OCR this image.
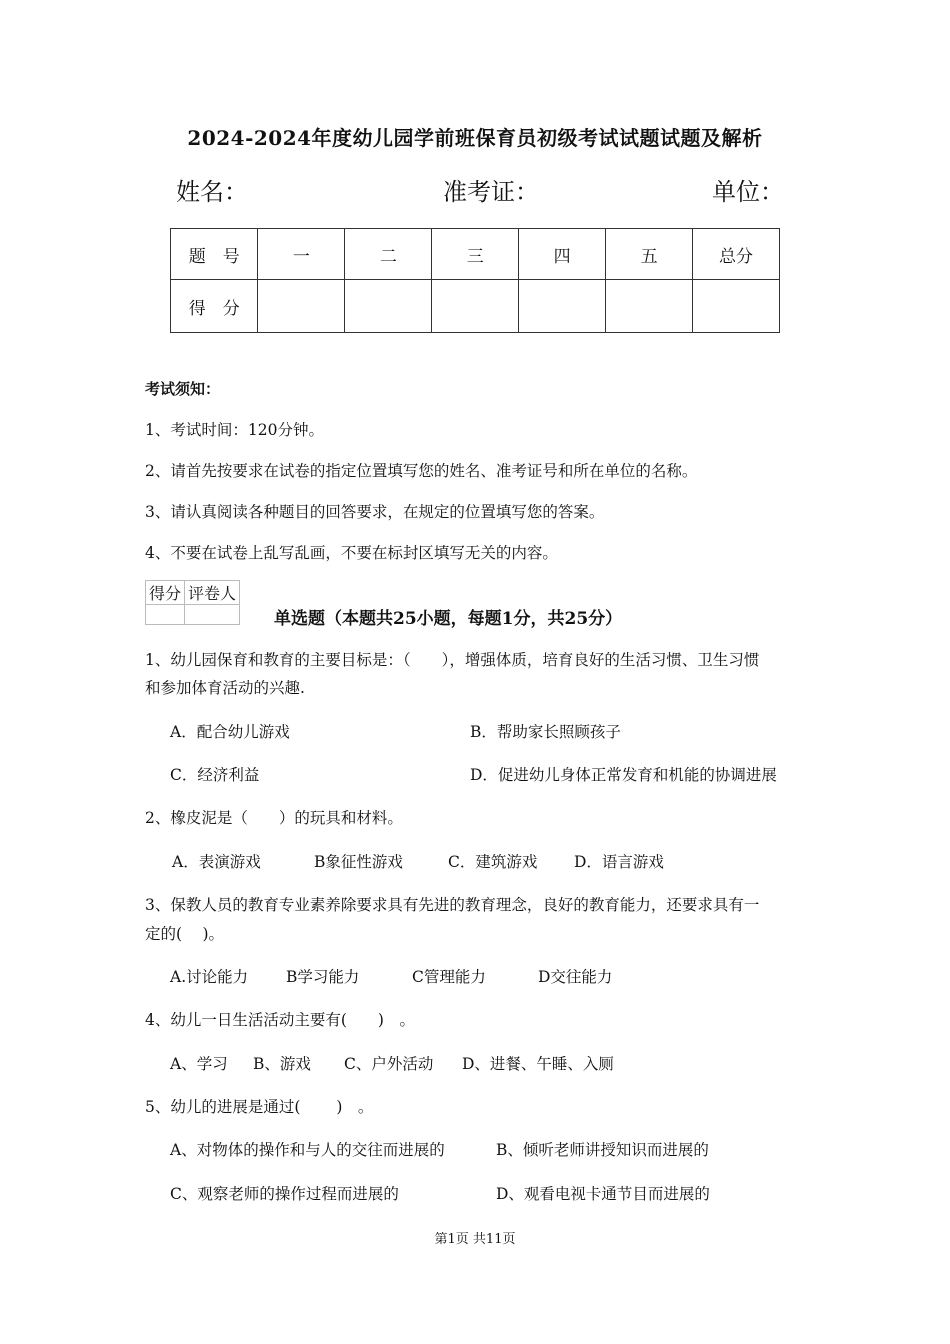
2024-2024年度幼儿园学前班保育员初级考试试题试题及解析
姓名：	准考证：	单位：
题　号	一	二	三	四	五	总分
得　分						
考试须知：
1、考试时间：120分钟。
2、请首先按要求在试卷的指定位置填写您的姓名、准考证号和所在单位的名称。
3、请认真阅读各种题目的回答要求，在规定的位置填写您的答案。
4、不要在试卷上乱写乱画，不要在标封区填写无关的内容。
得分	评卷人

单选题（本题共25小题，每题1分，共25分）
1、幼儿园保育和教育的主要目标是：（　　），增强体质，培育良好的生活习惯、卫生习惯
和参加体育活动的兴趣.
A．配合幼儿游戏	B．帮助家长照顾孩子
C．经济利益	D．促进幼儿身体正常发育和机能的协调进展
2、橡皮泥是（　　）的玩具和材料。
A．表演游戏	B象征性游戏	C．建筑游戏 D．语言游戏
3、保教人员的教育专业素养除要求具有先进的教育理念，良好的教育能力，还要求具有一
定的(　 )。
A.讨论能力 B学习能力	C管理能力	D交往能力
4、幼儿一日生活活动主要有(　　)　。
A、学习 B、游戏 C、户外活动 D、进餐、午睡、入厕
5、幼儿的进展是通过(　　 )　。
A、对物体的操作和与人的交往而进展的	B、倾听老师讲授知识而进展的
C、观察老师的操作过程而进展的	D、观看电视卡通节目而进展的
第1页 共11页
